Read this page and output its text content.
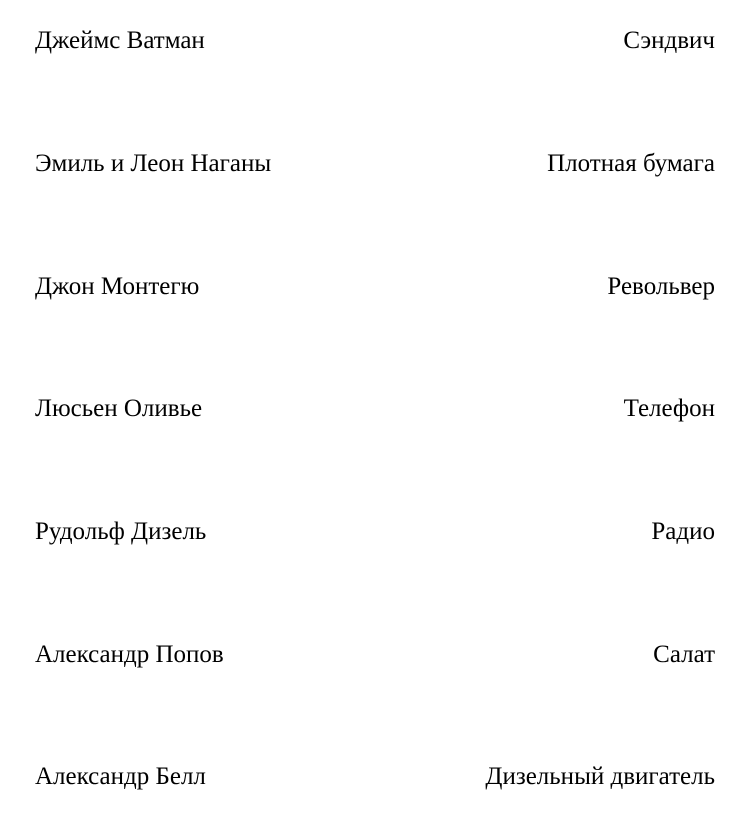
Джеймс Ватман	Сэндвич
Эмиль и Леон Наганы	Плотная бумага
Джон Монтегю	Револьвер
Люсьен Оливье	Телефон
Рудольф Дизель	Радио
Александр Попов	Салат
Александр Белл	Дизельный двигатель
